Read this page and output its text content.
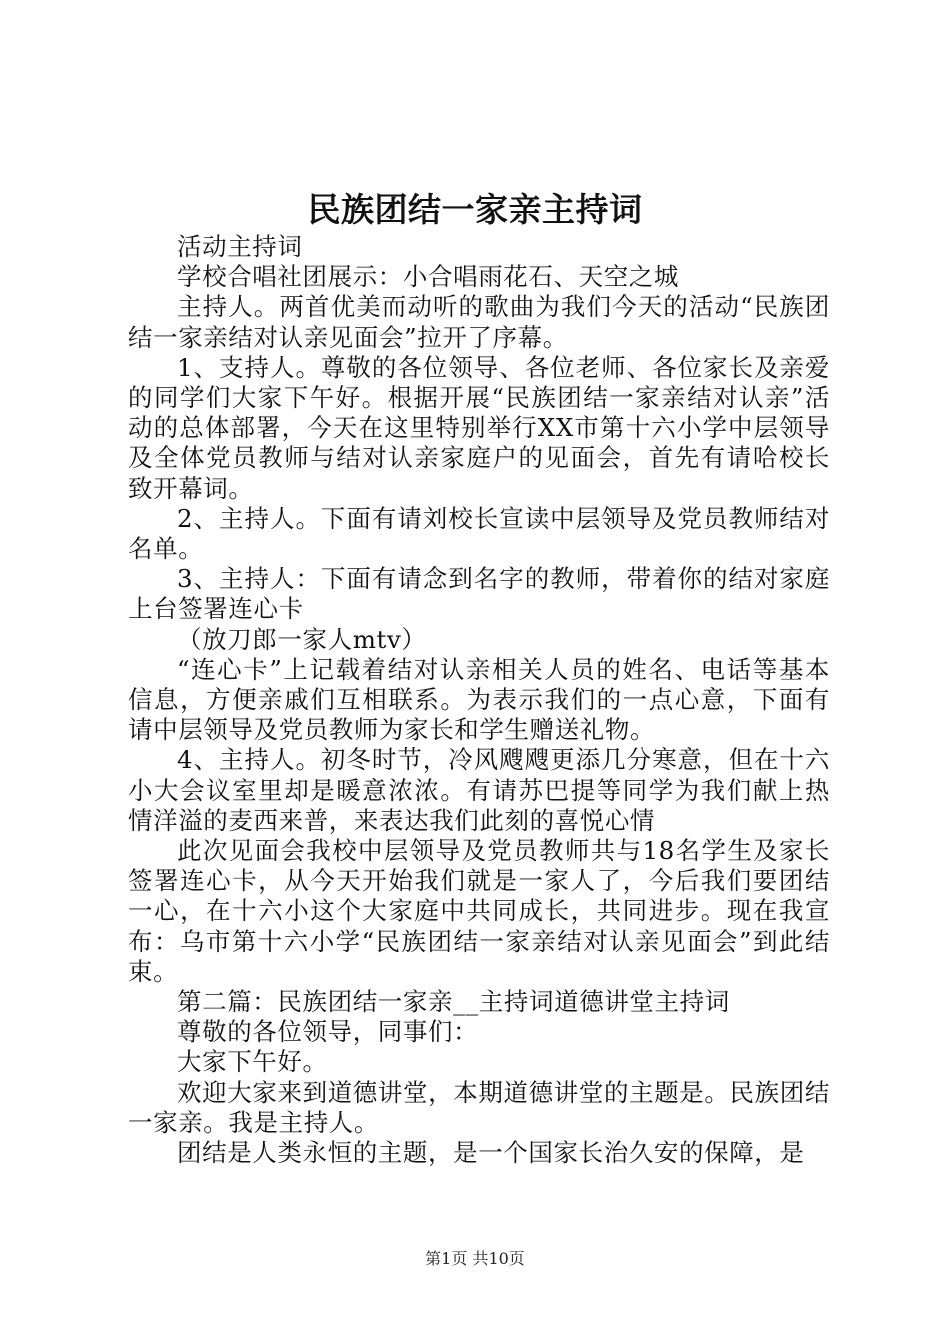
民族团结一家亲主持词

活动主持词

学校合唱社团展示：小合唱雨花石、天空之城

主持人。两首优美而动听的歌曲为我们今天的活动“民族团结一家亲结对认亲见面会”拉开了序幕。

1、支持人。尊敬的各位领导、各位老师、各位家长及亲爱的同学们大家下午好。根据开展“民族团结一家亲结对认亲”活动的总体部署，今天在这里特别举行XX市第十六小学中层领导及全体党员教师与结对认亲家庭户的见面会，首先有请哈校长致开幕词。

2、主持人。下面有请刘校长宣读中层领导及党员教师结对名单。

3、主持人：下面有请念到名字的教师，带着你的结对家庭上台签署连心卡

（放刀郎一家人mtv）

“连心卡”上记载着结对认亲相关人员的姓名、电话等基本信息，方便亲戚们互相联系。为表示我们的一点心意，下面有请中层领导及党员教师为家长和学生赠送礼物。

4、主持人。初冬时节，冷风飕飕更添几分寒意，但在十六小大会议室里却是暖意浓浓。有请苏巴提等同学为我们献上热情洋溢的麦西来普，来表达我们此刻的喜悦心情

此次见面会我校中层领导及党员教师共与18名学生及家长签署连心卡，从今天开始我们就是一家人了，今后我们要团结一心，在十六小这个大家庭中共同成长，共同进步。现在我宣布：乌市第十六小学“民族团结一家亲结对认亲见面会”到此结束。

第二篇：民族团结一家亲__主持词道德讲堂主持词

尊敬的各位领导，同事们：

大家下午好。

欢迎大家来到道德讲堂，本期道德讲堂的主题是。民族团结一家亲。我是主持人。

团结是人类永恒的主题，是一个国家长治久安的保障，是

第1页 共10页
